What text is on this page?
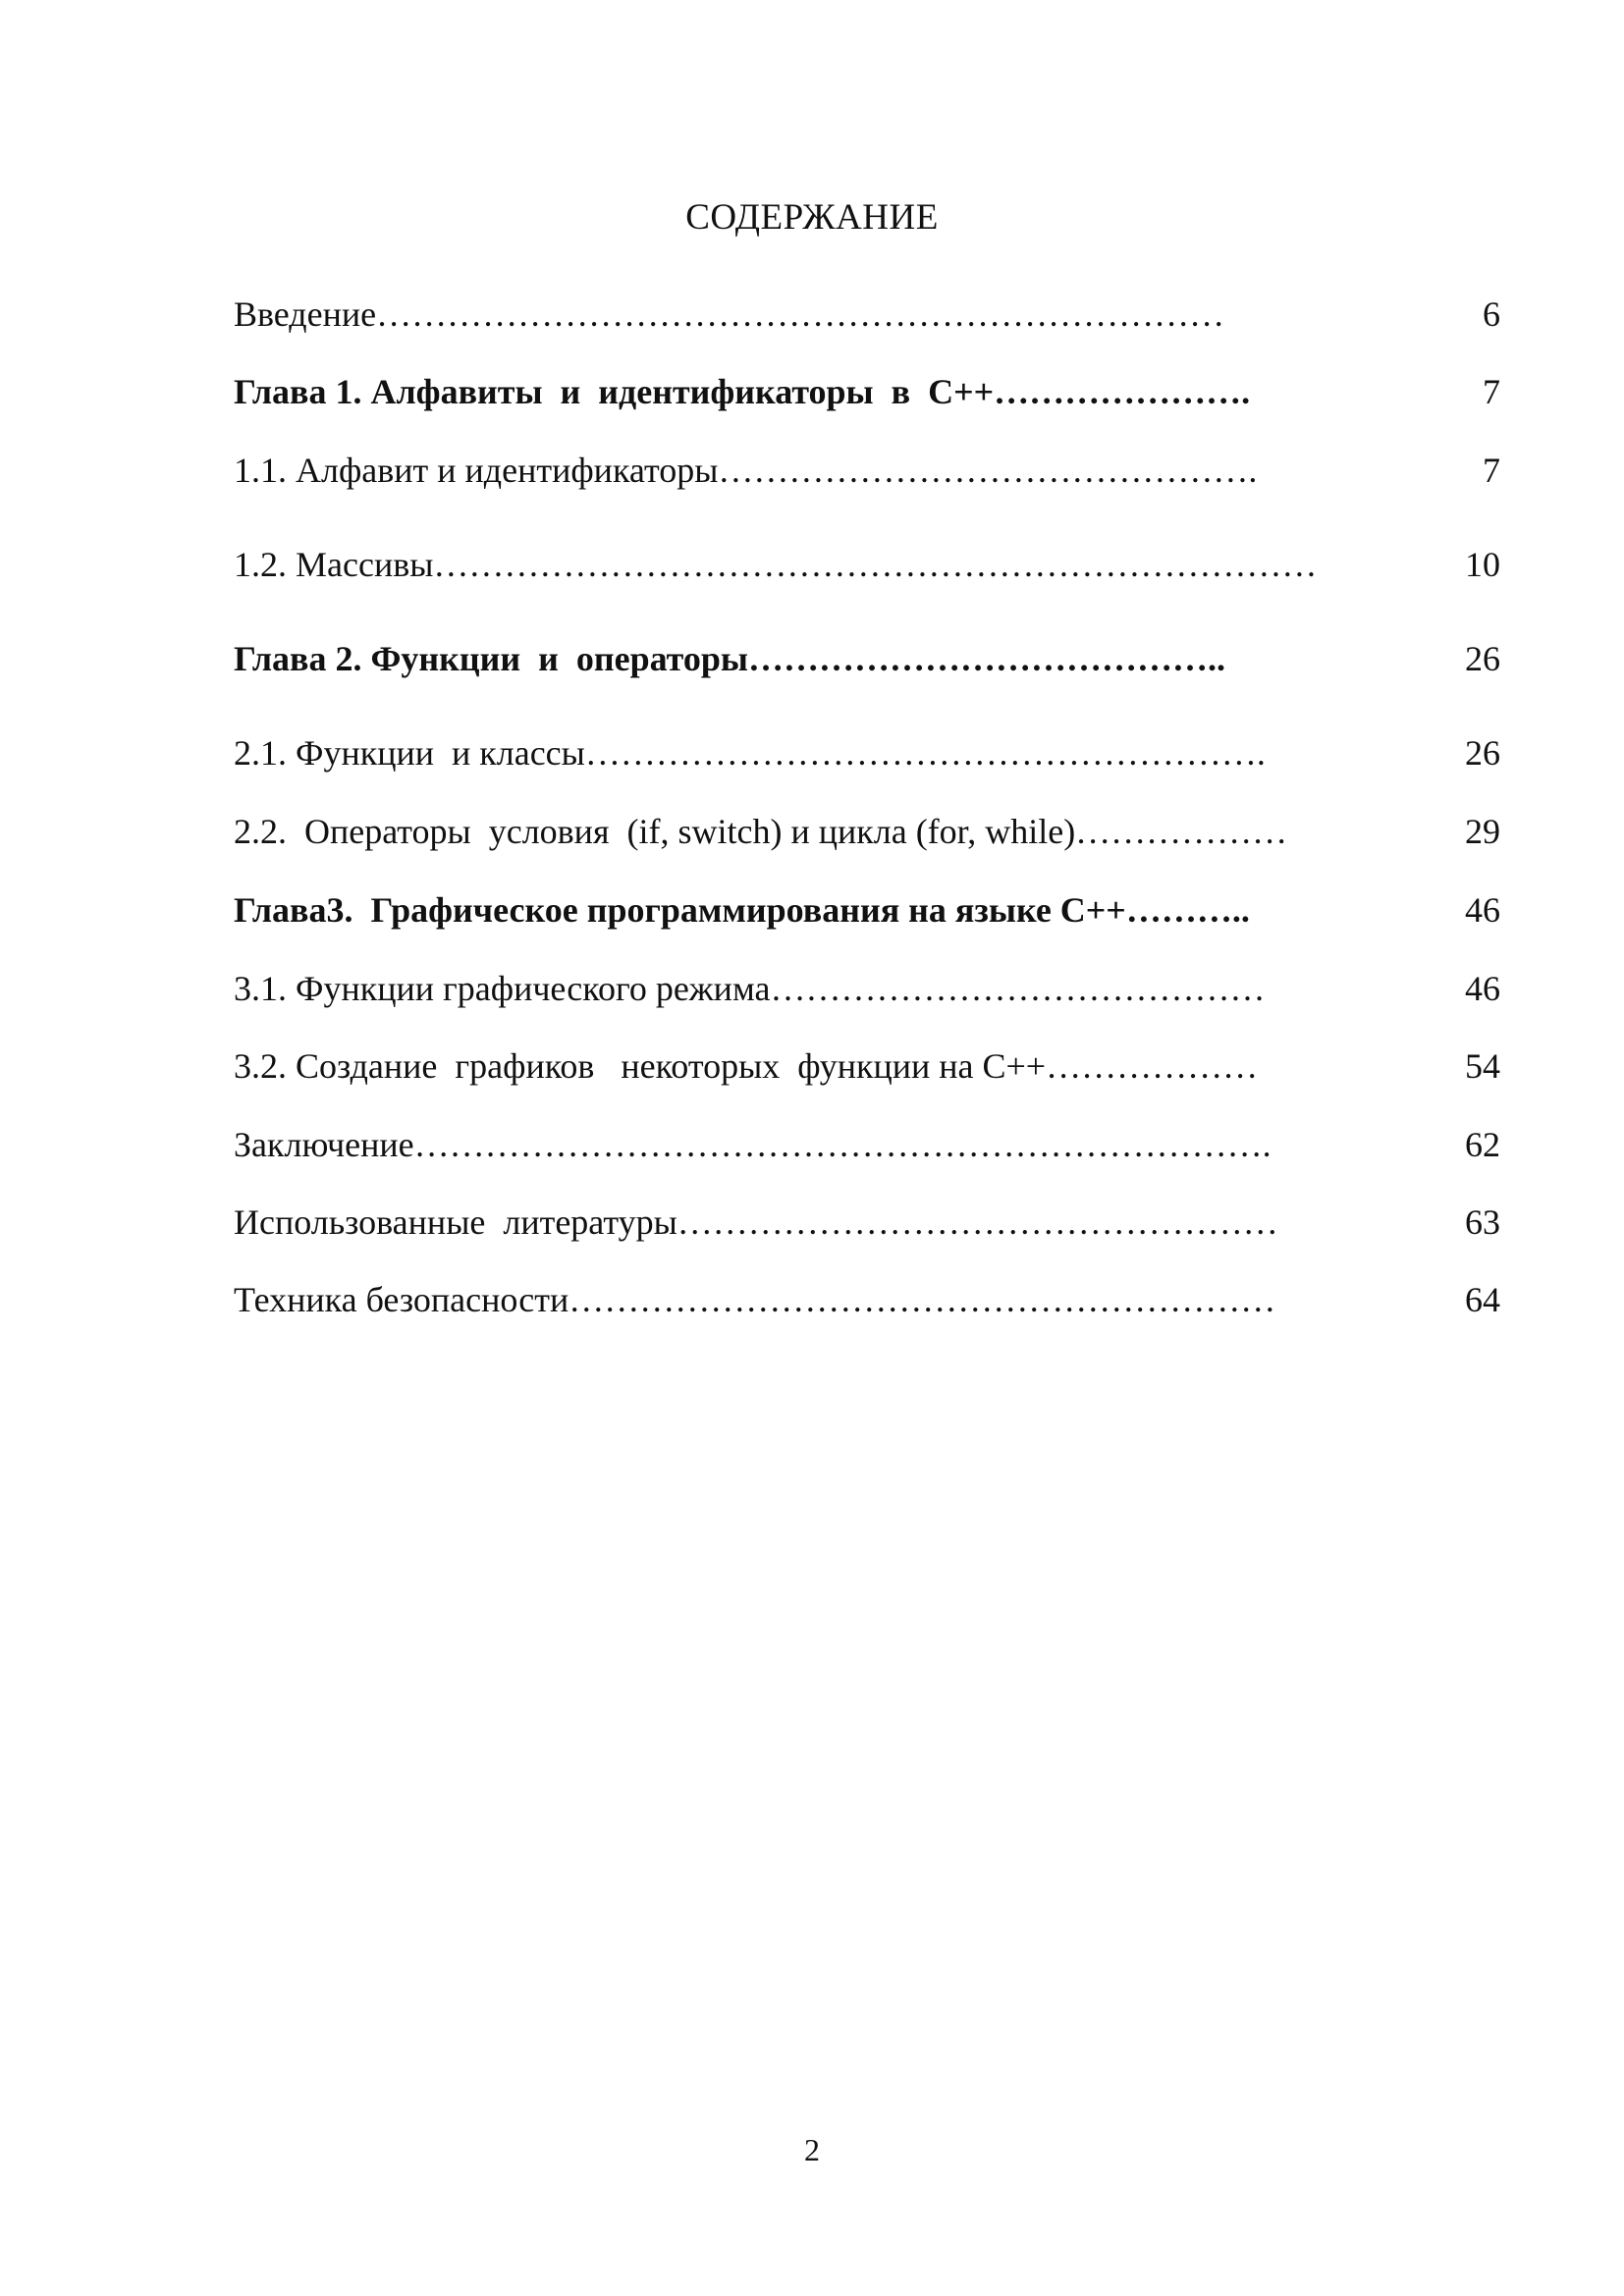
СОДЕРЖАНИЕ
Введение………………………………………………………………	6
Глава 1. Алфавиты  и  идентификаторы  в  С++………………….	7
1.1. Алфавит и идентификаторы……………………………………….	7
1.2. Массивы…………………………………………………………………	10
Глава 2. Функции  и  операторы…………………………………..	26
2.1. Функции  и классы………………………………………………….	26
2.2.  Операторы  условия  (if, switch) и цикла (for, while)………………	29
Глава3.  Графическое программирования на языке С++………..	46
3.1. Функции графического режима……………………………………	46
3.2. Создание  графиков   некоторых  функции на С++………………	54
Заключение……………………………………………………………….	62
Использованные  литературы……………………………………………	63
Техника безопасности……………………………………………………	64
2
